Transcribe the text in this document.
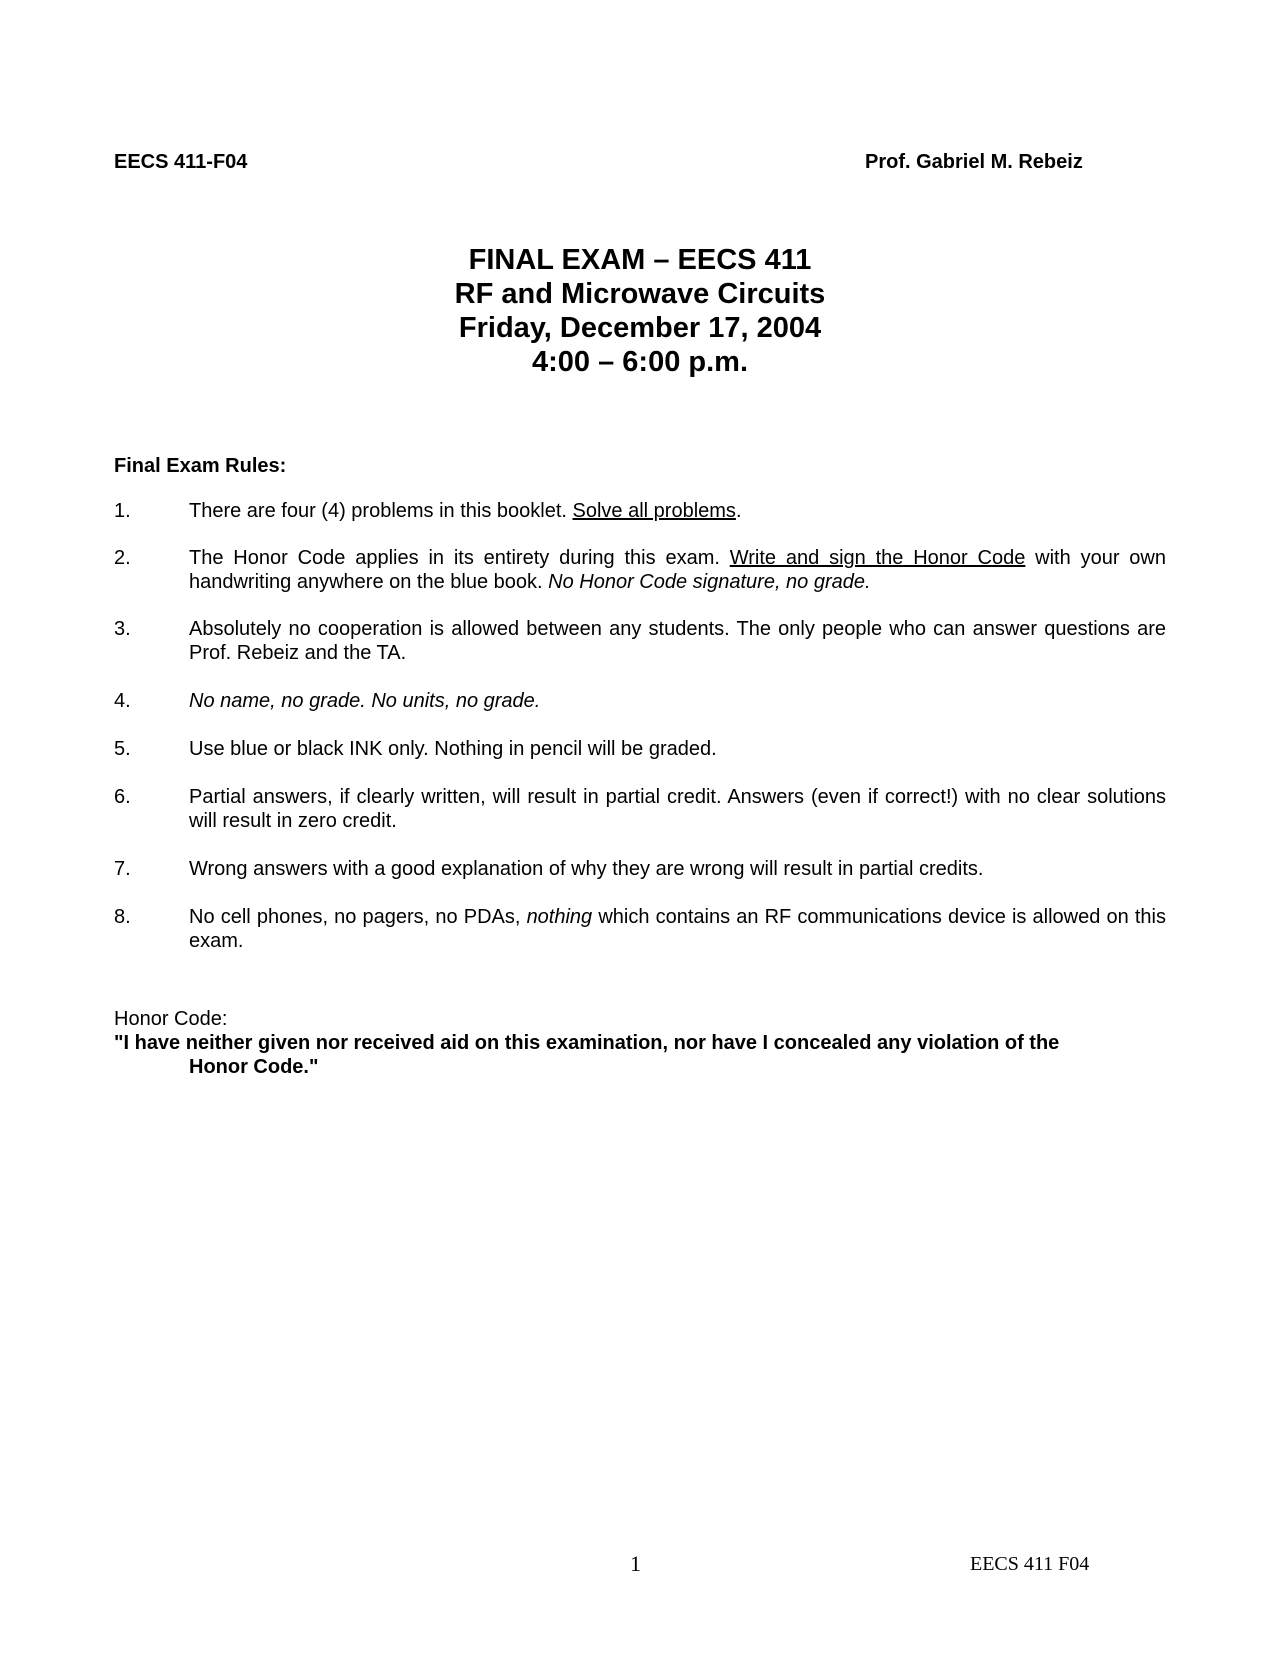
EECS 411-F04	Prof. Gabriel M. Rebeiz
FINAL EXAM – EECS 411
RF and Microwave Circuits
Friday, December 17, 2004
4:00 – 6:00 p.m.
Final Exam Rules:
1.	There are four (4) problems in this booklet. Solve all problems.
2.	The Honor Code applies in its entirety during this exam. Write and sign the Honor Code with your own handwriting anywhere on the blue book. No Honor Code signature, no grade.
3.	Absolutely no cooperation is allowed between any students. The only people who can answer questions are Prof. Rebeiz and the TA.
4.	No name, no grade. No units, no grade.
5.	Use blue or black INK only. Nothing in pencil will be graded.
6.	Partial answers, if clearly written, will result in partial credit. Answers (even if correct!) with no clear solutions will result in zero credit.
7.	Wrong answers with a good explanation of why they are wrong will result in partial credits.
8.	No cell phones, no pagers, no PDAs, nothing which contains an RF communications device is allowed on this exam.
Honor Code:
"I have neither given nor received aid on this examination, nor have I concealed any violation of the
Honor Code."
1	EECS 411 F04
